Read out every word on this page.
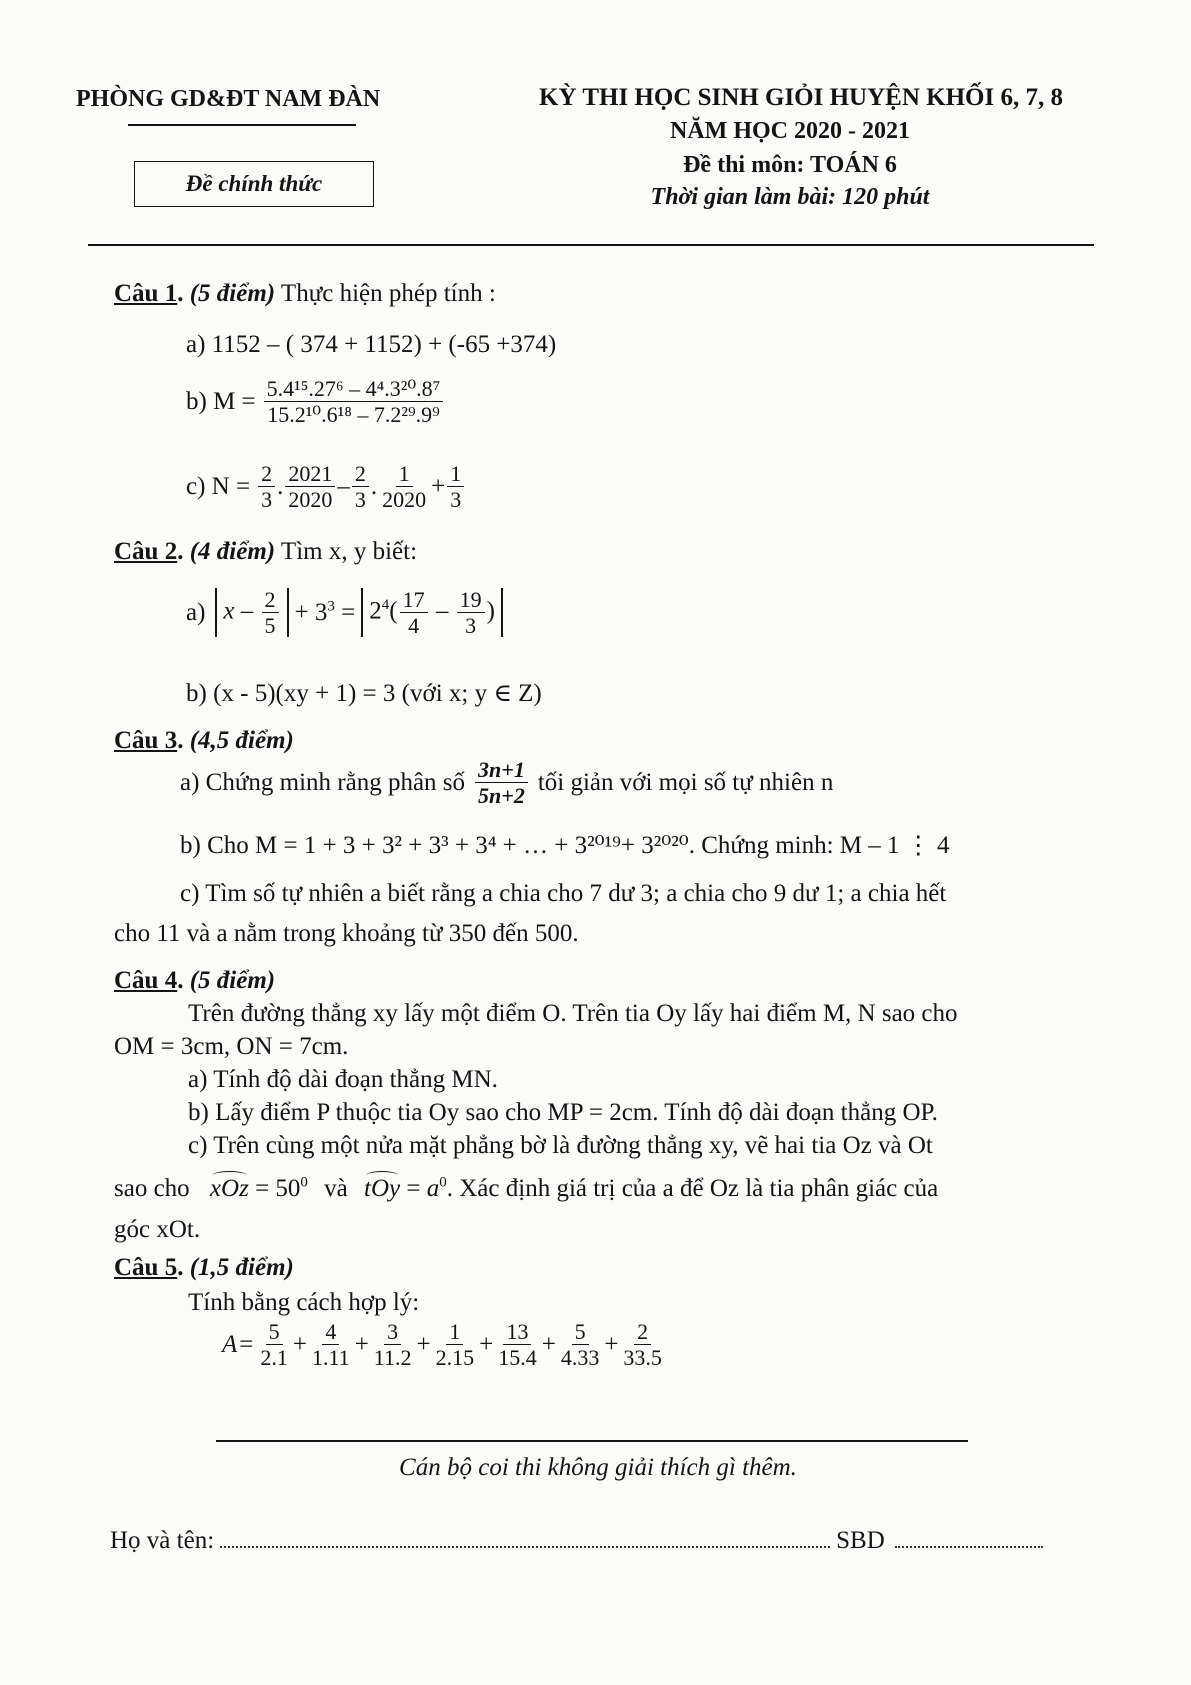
PHÒNG GD&ĐT NAM ĐÀN
Đề chính thức
KỲ THI HỌC SINH GIỎI HUYỆN KHỐI 6, 7, 8
NĂM HỌC 2020 - 2021
Đề thi môn: TOÁN 6
Thời gian làm bài: 120 phút
Câu 1. (5 điểm) Thực hiện phép tính :
a) 1152 – ( 374 + 1152) + (-65 +374)
b) $M = \frac{\text{5.4¹⁵.27⁶ – 4⁴.3²⁰.8⁷}}{\text{15.2¹⁰.6¹⁸ – 7.2²⁹.9⁹}}$
c) $N = \frac{2}{3}$ . $\frac{2021}{2020} - \frac{2}{3}$ . $\frac{1}{2020} + \frac{1}{3}$
Câu 2. (4 điểm) Tìm x, y biết:
a) $x - \frac{2}{5} + 3^3 = 2^4( \frac{17}{4} - \frac{19}{3}$ )
b) (x - 5)(xy + 1) = 3 (với x; y ∈ Z)
Câu 3. (4,5 điểm)
a) Chứng minh rằng phân số $\frac{3n+1}{5n+2}$ tối giản với mọi số tự nhiên n
b) Cho M = 1 + 3 + 3² + 3³ + 3⁴ + … + 3²⁰¹⁹+ 3²⁰²⁰. Chứng minh: M – 1 ⋮ 4
c) Tìm số tự nhiên a biết rằng a chia cho 7 dư 3; a chia cho 9 dư 1; a chia hết
cho 11 và a nằm trong khoảng từ 350 đến 500.
Câu 4. (5 điểm)
Trên đường thẳng xy lấy một điểm O. Trên tia Oy lấy hai điểm M, N sao cho
OM = 3cm, ON = 7cm.
a) Tính độ dài đoạn thẳng MN.
b) Lấy điểm P thuộc tia Oy sao cho MP = 2cm. Tính độ dài đoạn thẳng OP.
c) Trên cùng một nửa mặt phẳng bờ là đường thẳng xy, vẽ hai tia Oz và Ot
sao cho xOz = $50^0$ và tOy = $a^0$. Xác định giá trị của a để Oz là tia phân giác của
góc xOt.
Câu 5. (1,5 điểm)
Tính bằng cách hợp lý:
$A = \frac{5}{2.1} + \frac{4}{1.11} + \frac{3}{11.2} + \frac{1}{2.15} + \frac{13}{15.4} + \frac{5}{4.33} + \frac{2}{33.5}$
Cán bộ coi thi không giải thích gì thêm.
Họ và tên:	SBD
